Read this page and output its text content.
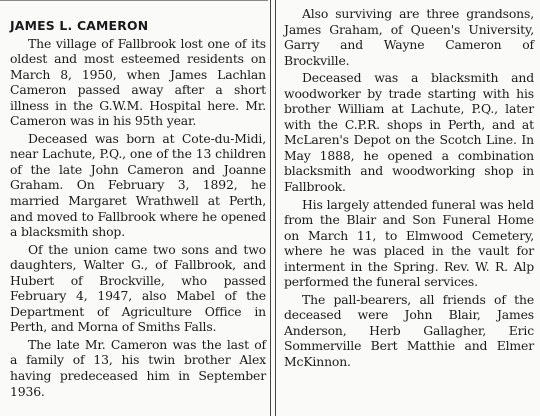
JAMES L. CAMERON

The village of Fallbrook lost one of its oldest and most esteemed residents on March 8, 1950, when James Lachlan Cameron passed away after a short illness in the G.W.M. Hospital here. Mr. Cameron was in his 95th year.

Deceased was born at Cote-du-Midi, near Lachute, P.Q., one of the 13 children of the late John Cameron and Joanne Graham. On February 3, 1892, he married Margaret Wrathwell at Perth, and moved to Fallbrook where he opened a blacksmith shop.

Of the union came two sons and two daughters, Walter G., of Fallbrook, and Hubert of Brockville, who passed February 4, 1947, also Mabel of the Department of Agriculture Office in Perth, and Morna of Smiths Falls.

The late Mr. Cameron was the last of a family of 13, his twin brother Alex having predeceased him in September 1936.

Also surviving are three grandsons, James Graham, of Queen's University, Garry and Wayne Cameron of Brockville.

Deceased was a blacksmith and woodworker by trade starting with his brother William at Lachute, P.Q., later with the C.P.R. shops in Perth, and at McLaren's Depot on the Scotch Line. In May 1888, he opened a combination blacksmith and woodworking shop in Fallbrook.

His largely attended funeral was held from the Blair and Son Funeral Home on March 11, to Elmwood Cemetery, where he was placed in the vault for interment in the Spring. Rev. W. R. Alp performed the funeral services.

The pall-bearers, all friends of the deceased were John Blair, James Anderson, Herb Gallagher, Eric Sommerville Bert Matthie and Elmer McKinnon.
